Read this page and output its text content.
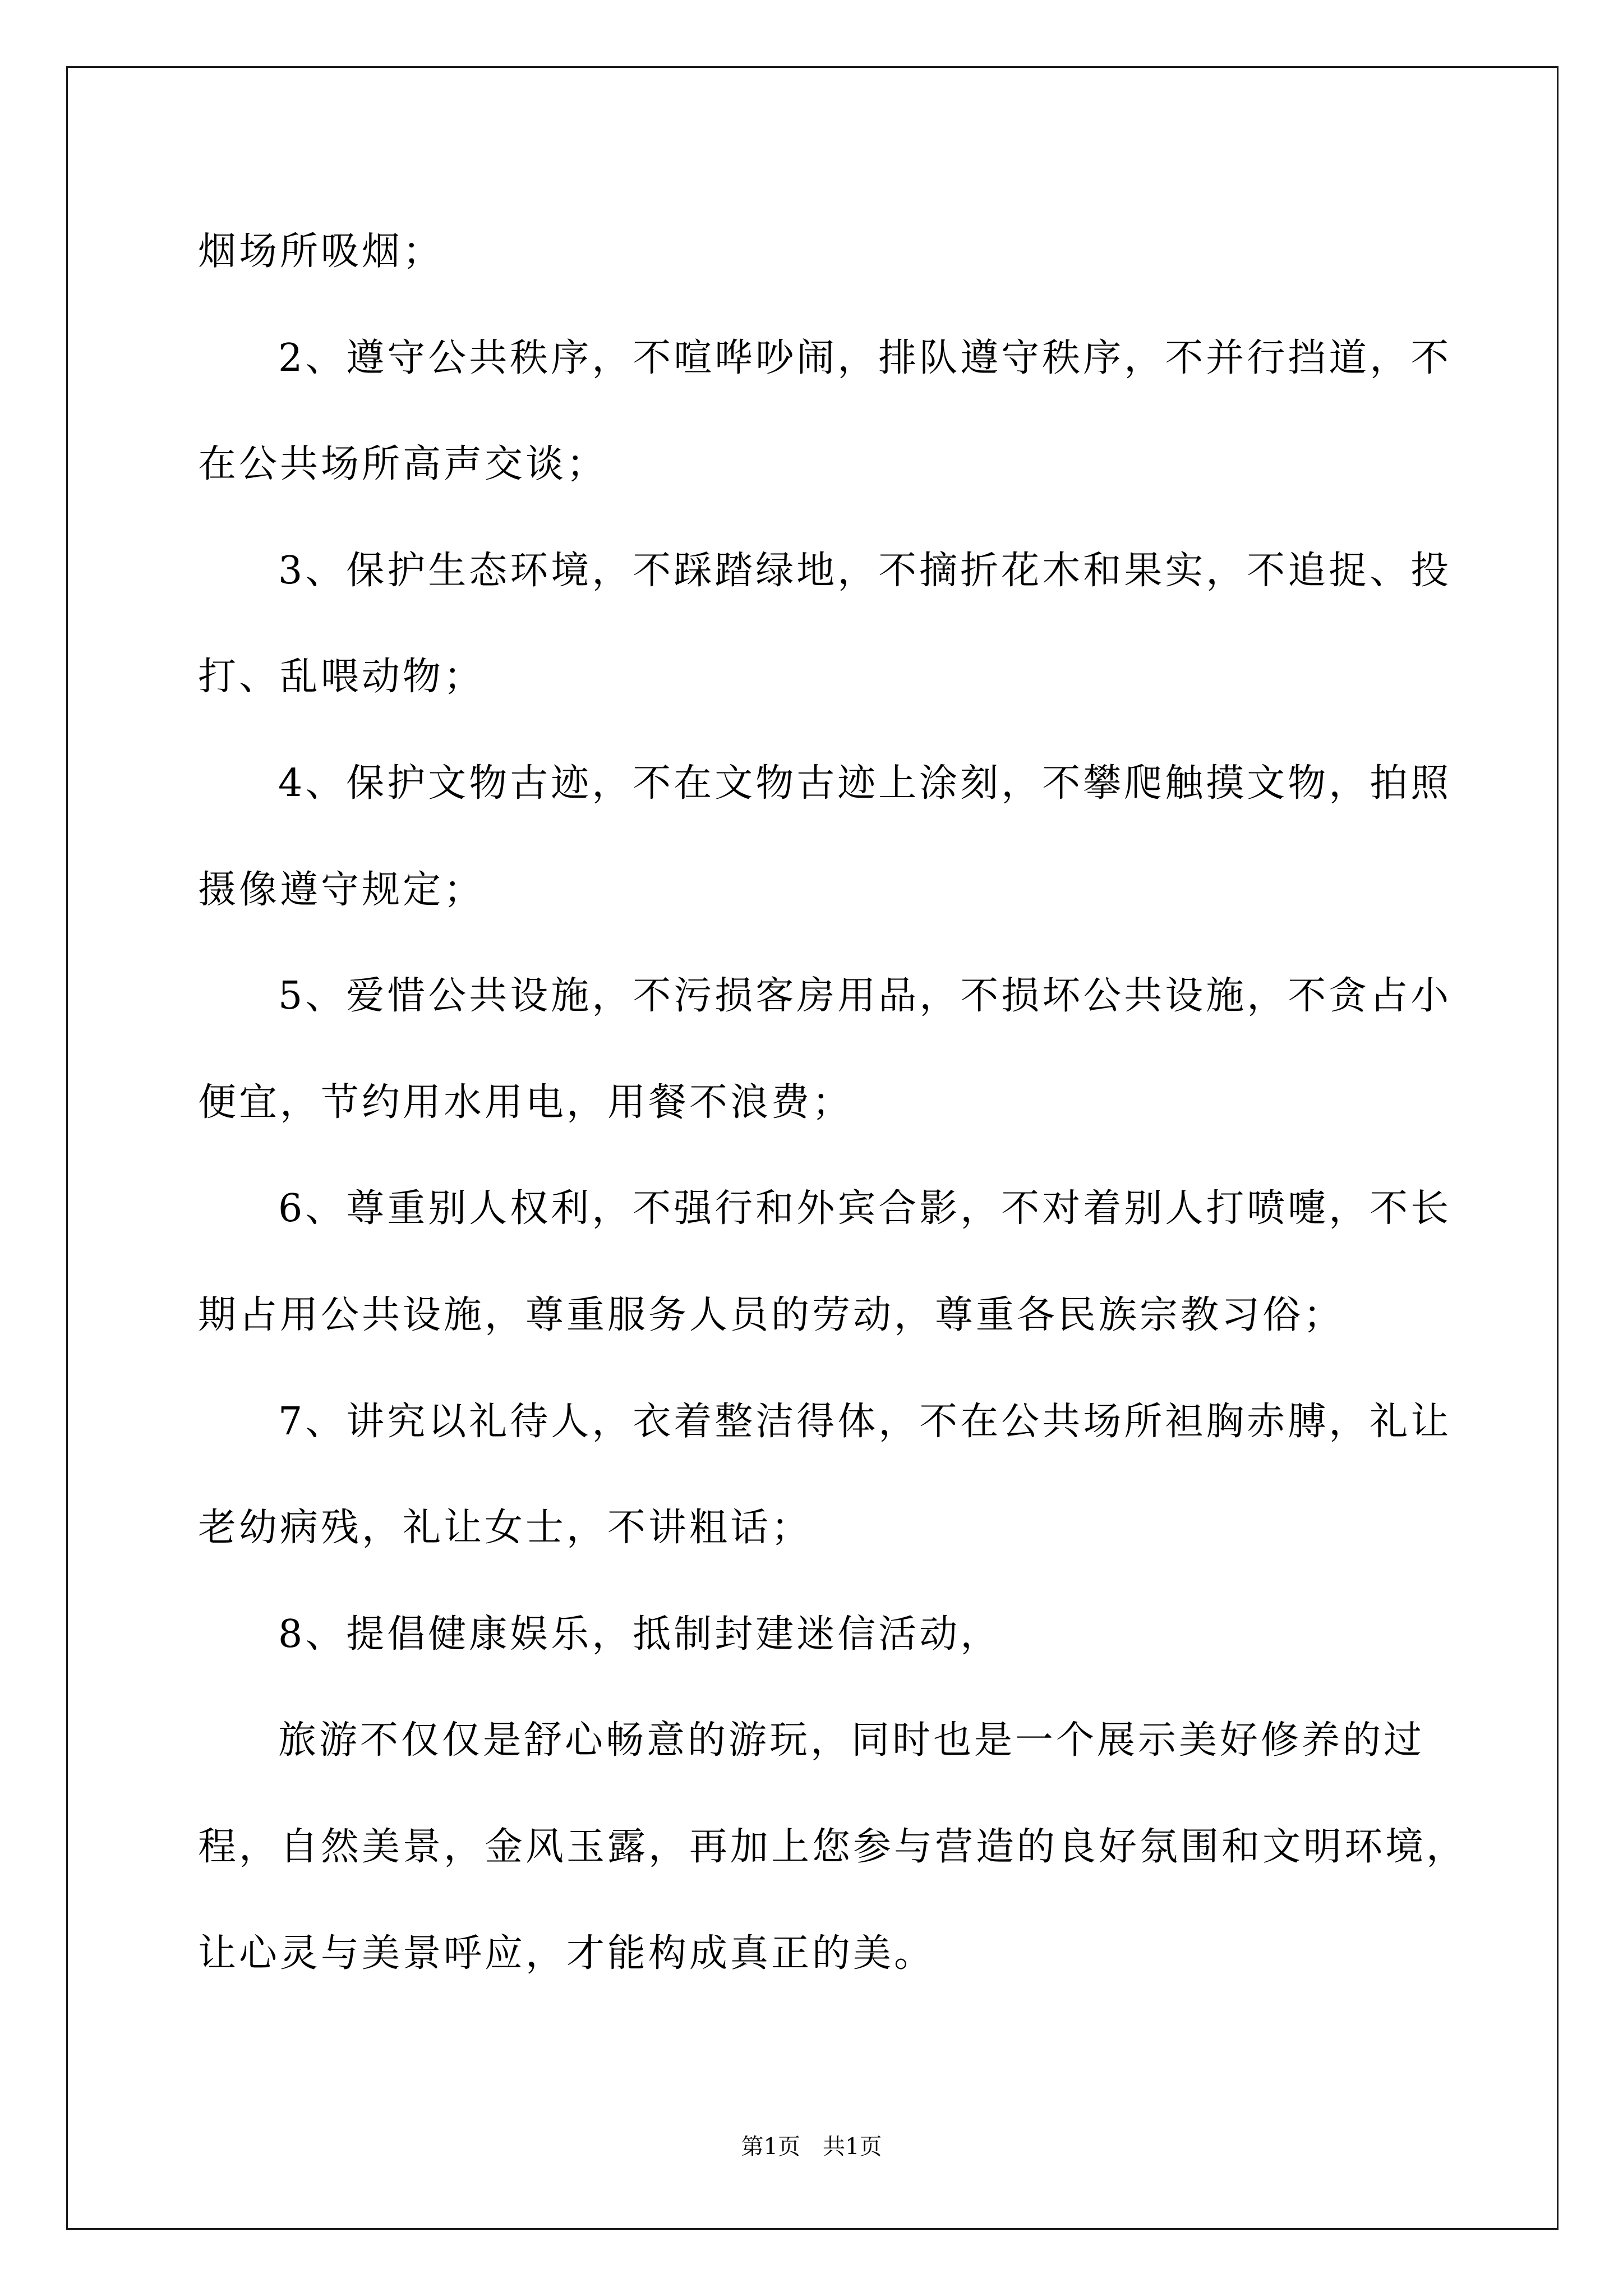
烟场所吸烟；
2、遵守公共秩序，不喧哗吵闹，排队遵守秩序，不并行挡道，不
在公共场所高声交谈；
3、保护生态环境，不踩踏绿地，不摘折花木和果实，不追捉、投
打、乱喂动物；
4、保护文物古迹，不在文物古迹上涂刻，不攀爬触摸文物，拍照
摄像遵守规定；
5、爱惜公共设施，不污损客房用品，不损坏公共设施，不贪占小
便宜，节约用水用电，用餐不浪费；
6、尊重别人权利，不强行和外宾合影，不对着别人打喷嚏，不长
期占用公共设施，尊重服务人员的劳动，尊重各民族宗教习俗；
7、讲究以礼待人，衣着整洁得体，不在公共场所袒胸赤膊，礼让
老幼病残，礼让女士，不讲粗话；
8、提倡健康娱乐，抵制封建迷信活动，
旅游不仅仅是舒心畅意的游玩，同时也是一个展示美好修养的过
程，自然美景，金风玉露，再加上您参与营造的良好氛围和文明环境，
让心灵与美景呼应，才能构成真正的美。
第1页　共1页
